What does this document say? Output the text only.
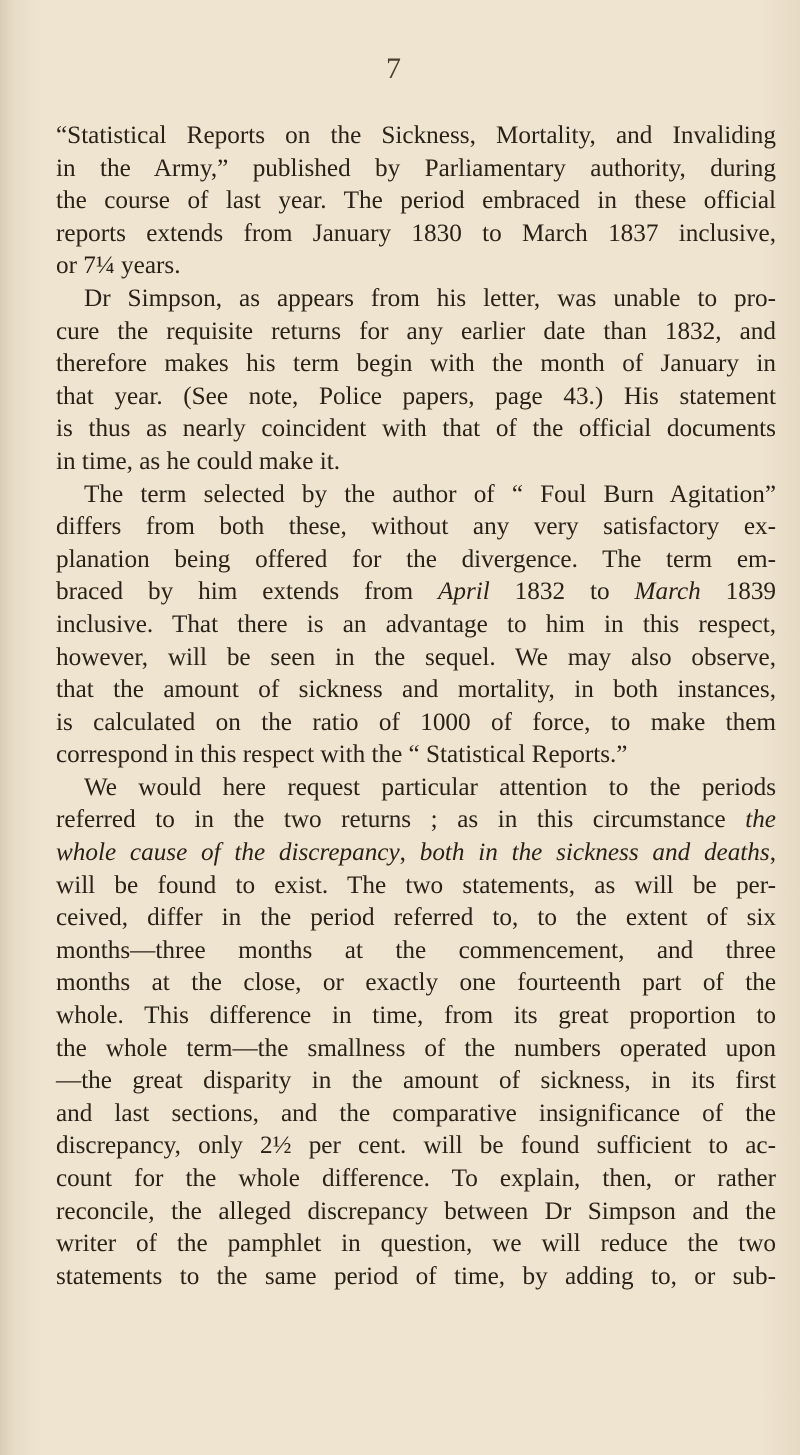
7
“Statistical Reports on the Sickness, Mortality, and Invaliding
in the Army,” published by Parliamentary authority, during
the course of last year. The period embraced in these official
reports extends from January 1830 to March 1837 inclusive,
or 7¼ years.
Dr Simpson, as appears from his letter, was unable to pro-
cure the requisite returns for any earlier date than 1832, and
therefore makes his term begin with the month of January in
that year. (See note, Police papers, page 43.) His statement
is thus as nearly coincident with that of the official documents
in time, as he could make it.
The term selected by the author of “ Foul Burn Agitation”
differs from both these, without any very satisfactory ex-
planation being offered for the divergence. The term em-
braced by him extends from April 1832 to March 1839
inclusive. That there is an advantage to him in this respect,
however, will be seen in the sequel. We may also observe,
that the amount of sickness and mortality, in both instances,
is calculated on the ratio of 1000 of force, to make them
correspond in this respect with the “ Statistical Reports.”
We would here request particular attention to the periods
referred to in the two returns ; as in this circumstance the
whole cause of the discrepancy, both in the sickness and deaths,
will be found to exist. The two statements, as will be per-
ceived, differ in the period referred to, to the extent of six
months—three months at the commencement, and three
months at the close, or exactly one fourteenth part of the
whole. This difference in time, from its great proportion to
the whole term—the smallness of the numbers operated upon
—the great disparity in the amount of sickness, in its first
and last sections, and the comparative insignificance of the
discrepancy, only 2½ per cent. will be found sufficient to ac-
count for the whole difference. To explain, then, or rather
reconcile, the alleged discrepancy between Dr Simpson and the
writer of the pamphlet in question, we will reduce the two
statements to the same period of time, by adding to, or sub-
